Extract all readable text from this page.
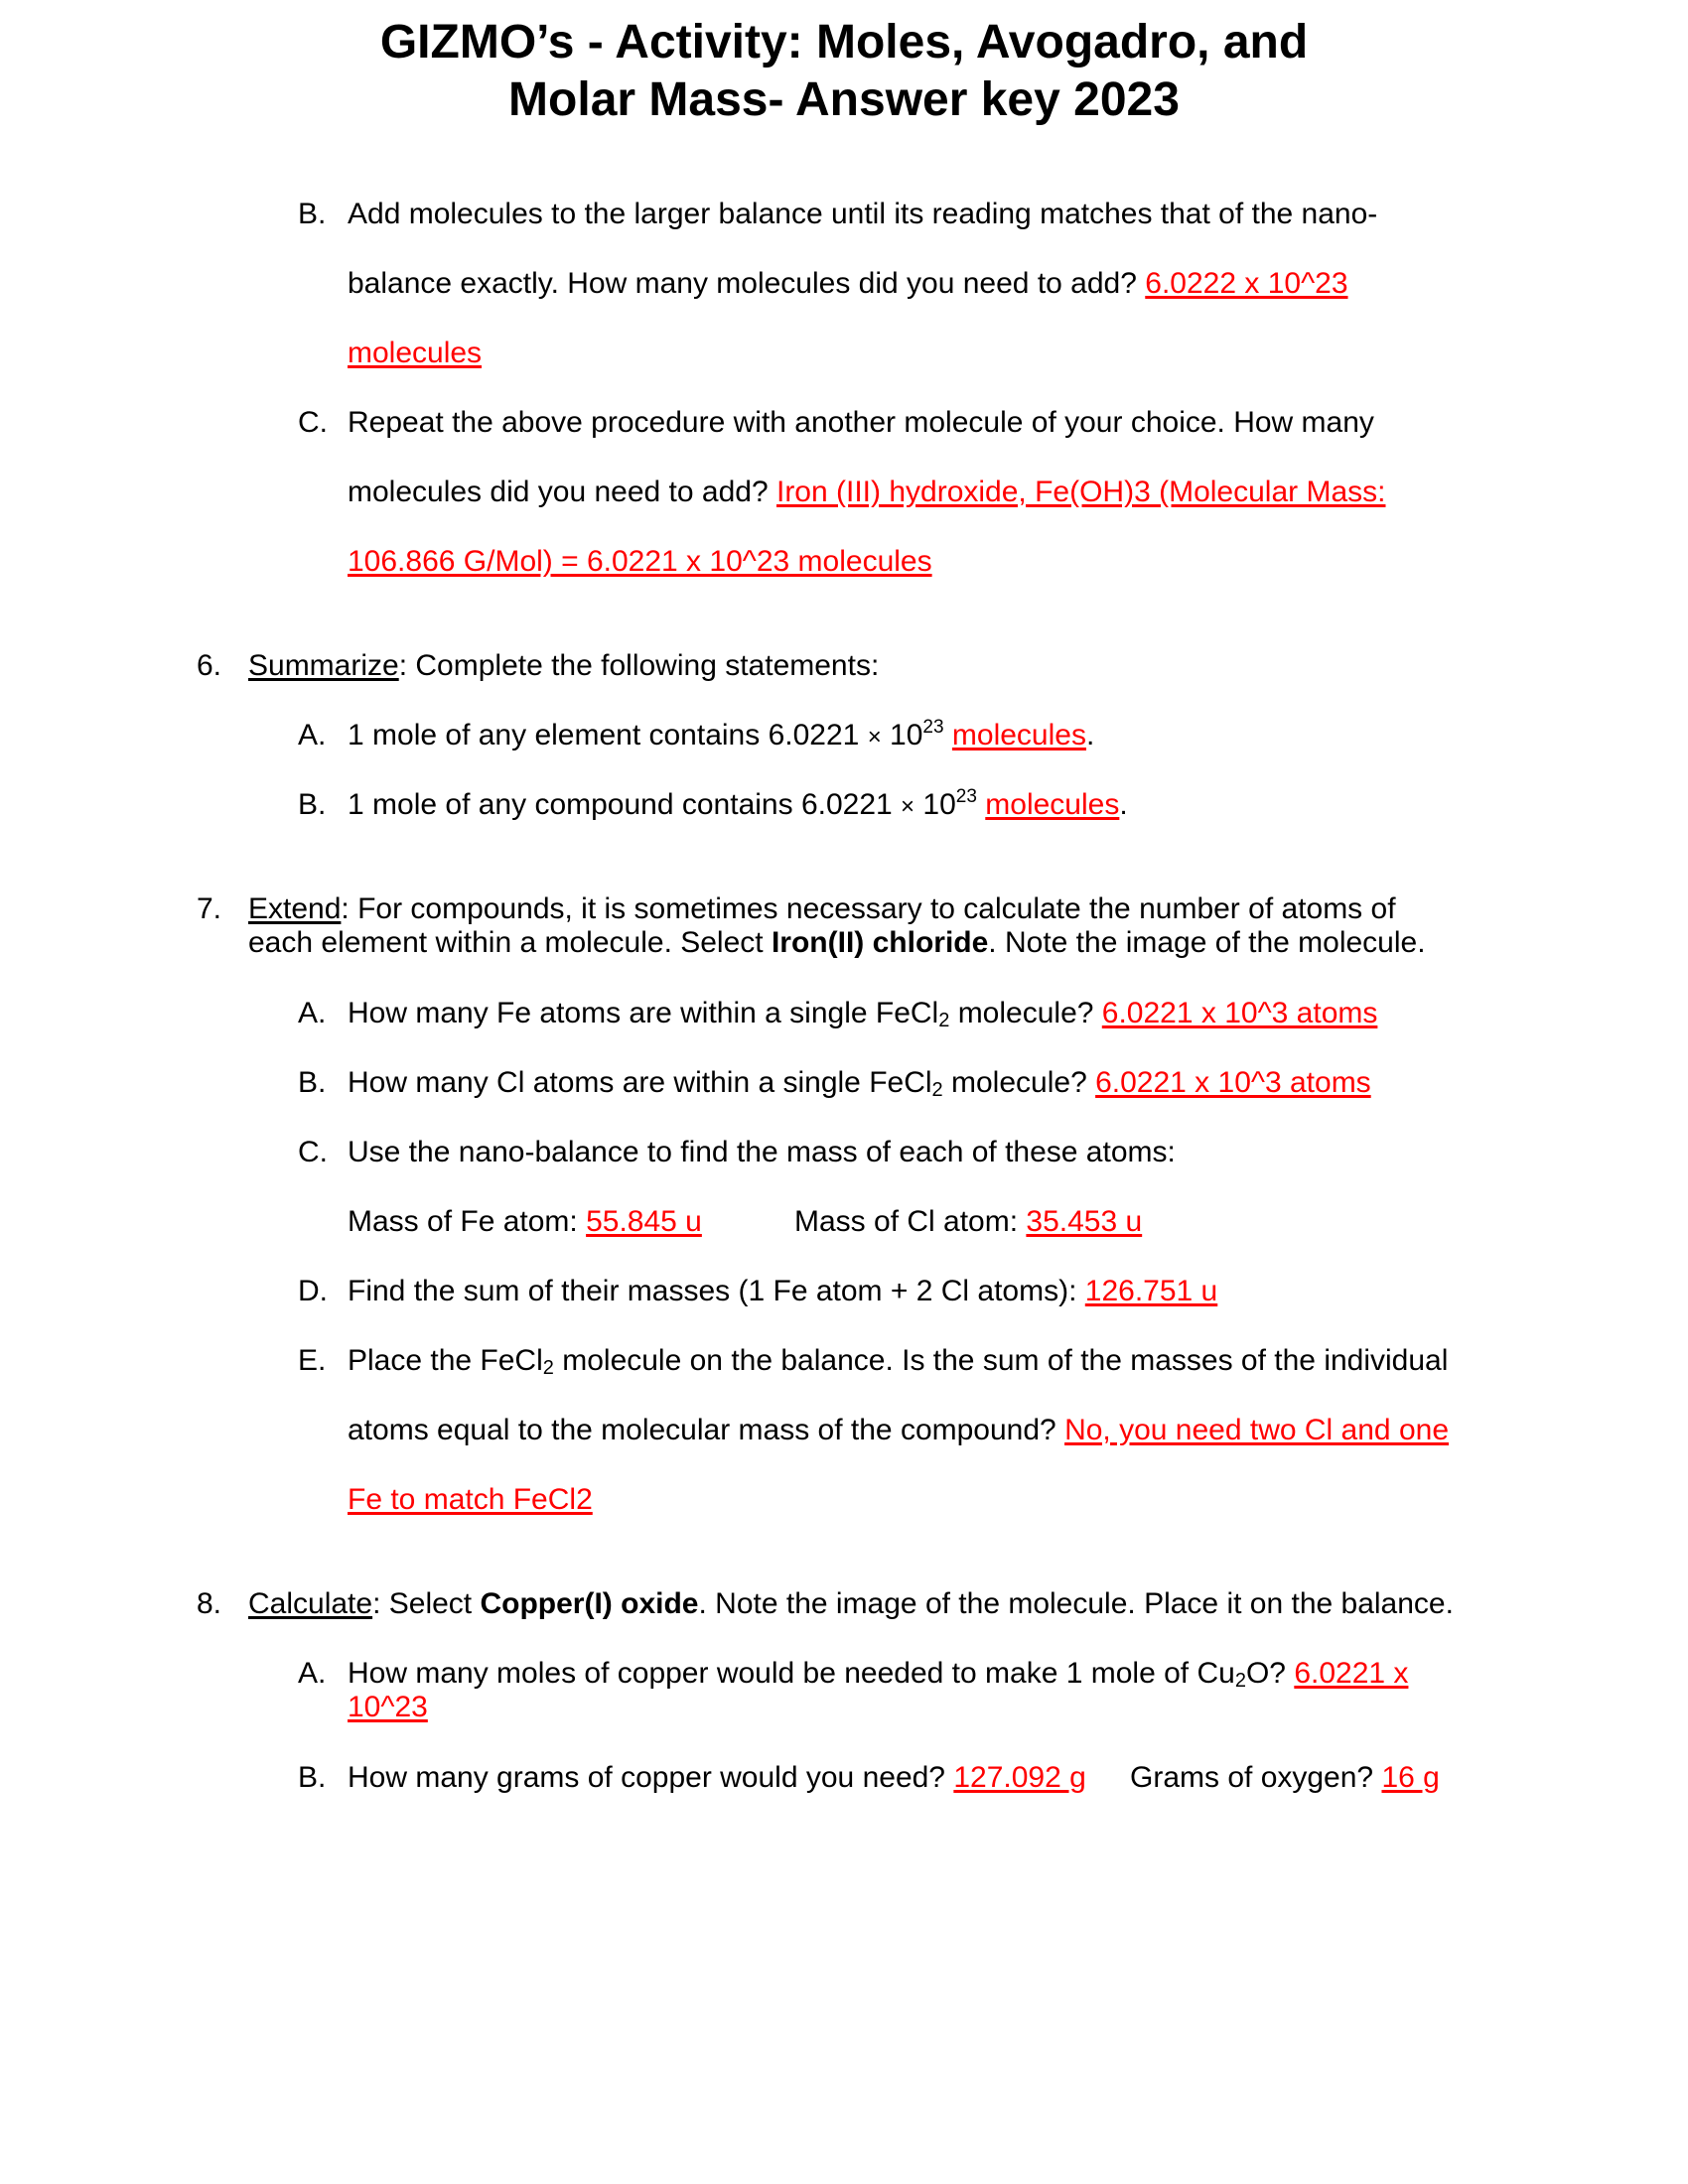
GIZMO’s - Activity: Moles, Avogadro, and
Molar Mass- Answer key 2023
B. Add molecules to the larger balance until its reading matches that of the nano-
balance exactly. How many molecules did you need to add? 6.0222 x 10^23
molecules
C. Repeat the above procedure with another molecule of your choice. How many
molecules did you need to add? Iron (III) hydroxide, Fe(OH)3 (Molecular Mass:
106.866 G/Mol) = 6.0221 x 10^23 molecules
6. Summarize: Complete the following statements:
A. 1 mole of any element contains $6.0221 \times 10^{23}$ molecules.
B. 1 mole of any compound contains $6.0221 \times 10^{23}$ molecules.
7. Extend: For compounds, it is sometimes necessary to calculate the number of atoms of
each element within a molecule. Select Iron(II) chloride. Note the image of the molecule.
A. How many Fe atoms are within a single FeCl$_2$ molecule? 6.0221 x 10^3 atoms
B. How many Cl atoms are within a single FeCl$_2$ molecule? 6.0221 x 10^3 atoms
C. Use the nano-balance to find the mass of each of these atoms:
Mass of Fe atom: 55.845 u	Mass of Cl atom: 35.453 u
D. Find the sum of their masses (1 Fe atom + 2 Cl atoms): 126.751 u
E. Place the FeCl$_2$ molecule on the balance. Is the sum of the masses of the individual
atoms equal to the molecular mass of the compound? No, you need two Cl and one
Fe to match FeCl2
8. Calculate: Select Copper(I) oxide. Note the image of the molecule. Place it on the balance.
A. How many moles of copper would be needed to make 1 mole of $Cu_2O$? 6.0221 x
10^23
B. How many grams of copper would you need? 127.092 g Grams of oxygen? 16 g
